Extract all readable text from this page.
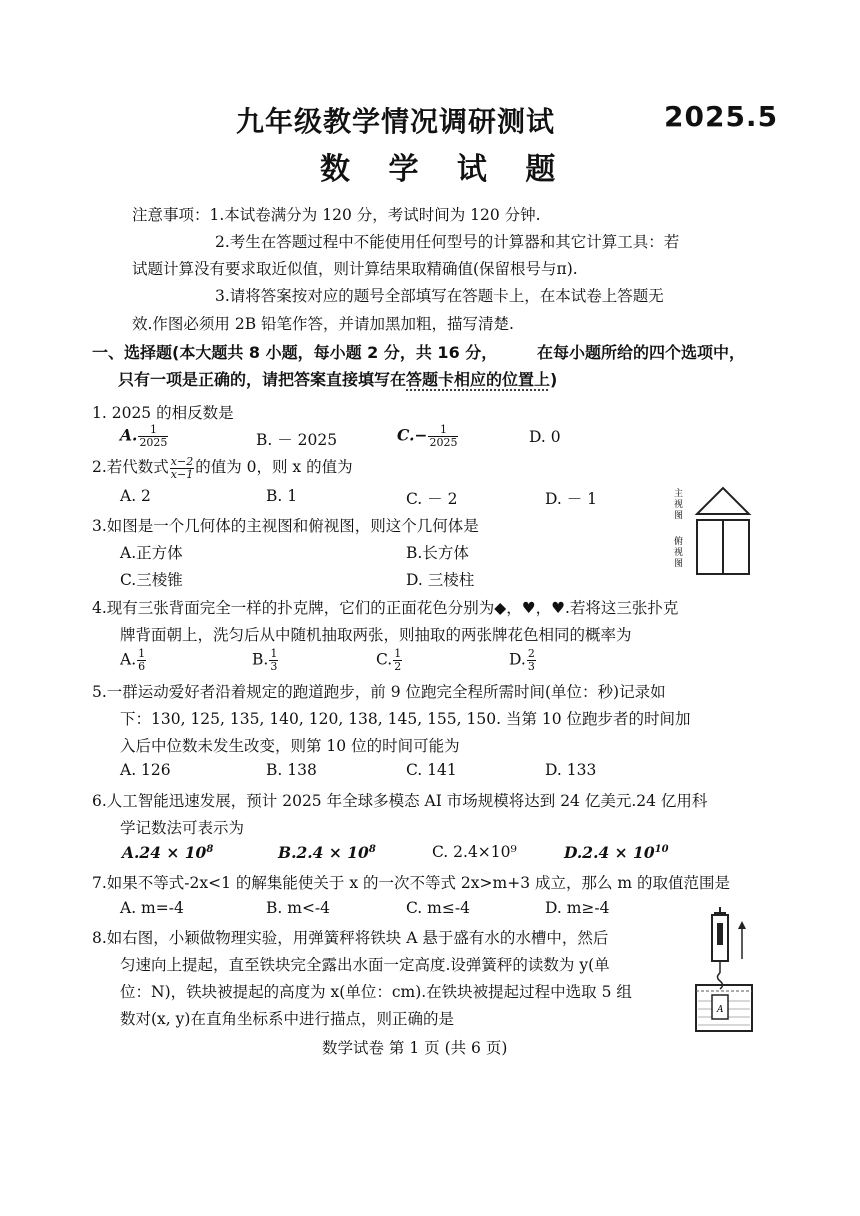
九年级教学情况调研测试	2025.5
数 学 试 题
注意事项：1.本试卷满分为 120 分，考试时间为 120 分钟.
2.考生在答题过程中不能使用任何型号的计算器和其它计算工具：若
试题计算没有要求取近似值，则计算结果取精确值(保留根号与π).
3.请将答案按对应的题号全部填写在答题卡上，在本试卷上答题无
效.作图必须用 2B 铅笔作答，并请加黑加粗，描写清楚.
一、选择题(本大题共 8 小题，每小题 2 分，共 16 分， 在每小题所给的四个选项中，
只有一项是正确的，请把答案直接填写在答题卡相应的位置上)
1. 2025 的相反数是
A. $\frac{1}{2025}$	B. － 2025	$C.- \frac{1}{2025}$	D. 0
2.若代数式 $\frac{x-2}{x-1}$ 的值为 0，则 x 的值为
A. 2	B. 1	C. － 2	D. － 1	主
视
图
俯
视
图
3.如图是一个几何体的主视图和俯视图，则这个几何体是
A.正方体	B.长方体
C.三棱锥	D. 三棱柱
4.现有三张背面完全一样的扑克牌，它们的正面花色分别为◆，♥，♥.若将这三张扑克
牌背面朝上，洗匀后从中随机抽取两张，则抽取的两张牌花色相同的概率为
A. $\frac{1}{6}$	B. $\frac{1}{3}$	C. $\frac{1}{2}$	D. $\frac{2}{3}$
5.一群运动爱好者沿着规定的跑道跑步，前 9 位跑完全程所需时间(单位：秒)记录如
下：130, 125, 135, 140, 120, 138, 145, 155, 150. 当第 10 位跑步者的时间加
入后中位数未发生改变，则第 10 位的时间可能为
A. 126	B. 138	C. 141	D. 133
6.人工智能迅速发展，预计 2025 年全球多模态 AI 市场规模将达到 24 亿美元.24 亿用科
学记数法可表示为
$A.24 \times 10^8$	$B.2.4 \times 10^8$	C. 2.4×10⁹	$D.2.4 \times 10^{10}$
7.如果不等式-2x<1 的解集能使关于 x 的一次不等式 2x>m+3 成立，那么 m 的取值范围是
A. m=-4	B. m<-4	C. m≤-4	D. m≥-4
8.如右图，小颖做物理实验，用弹簧秤将铁块 A 悬于盛有水的水槽中，然后
匀速向上提起，直至铁块完全露出水面一定高度.设弹簧秤的读数为 y(单
位：N)，铁块被提起的高度为 x(单位：cm).在铁块被提起过程中选取 5 组
数对(x, y)在直角坐标系中进行描点，则正确的是	A
数学试卷 第 1 页 (共 6 页)
